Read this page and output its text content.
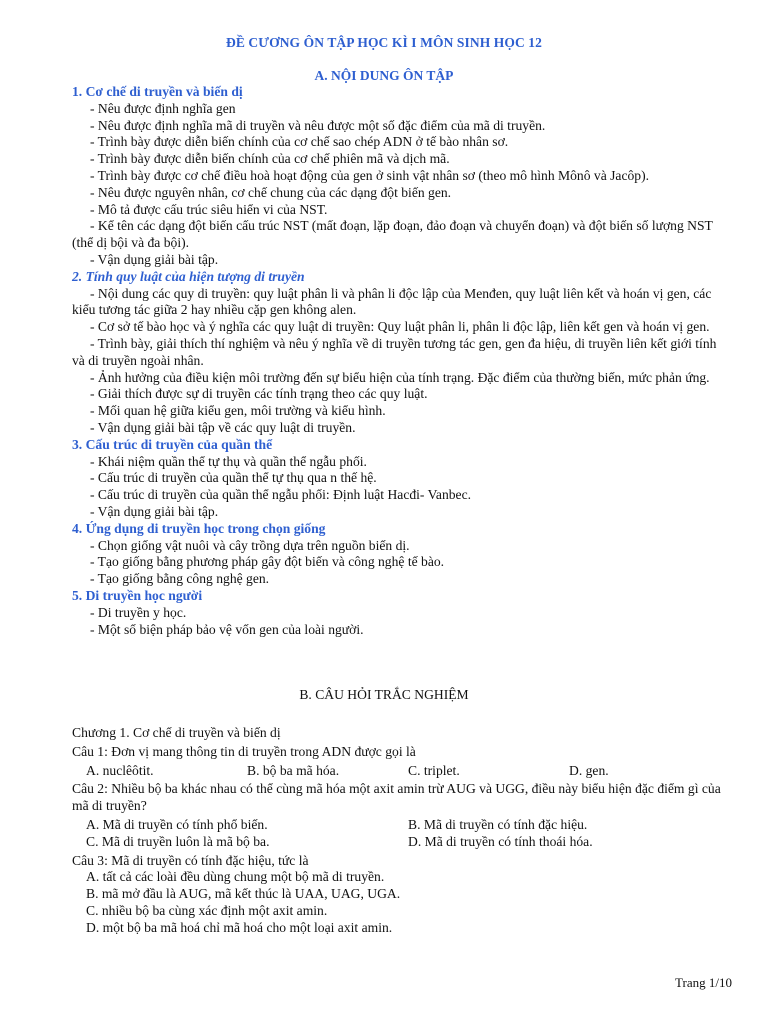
ĐỀ CƯƠNG ÔN TẬP HỌC KÌ I MÔN SINH HỌC 12
A. NỘI DUNG ÔN TẬP
1. Cơ chế di truyền và biến dị
- Nêu được định nghĩa gen
- Nêu được định nghĩa mã di truyền và nêu được một số đặc điểm của mã di truyền.
- Trình bày được diễn biến chính của cơ chế sao chép ADN ở tế bào nhân sơ.
- Trình bày được diễn biến chính của cơ chế phiên mã và dịch mã.
- Trình bày được cơ chế điều hoà hoạt động của gen ở sinh vật nhân sơ (theo mô hình Mônô và Jacôp).
- Nêu được nguyên nhân, cơ chế chung của các dạng đột biến gen.
- Mô tả được cấu trúc siêu hiển vi của NST.
- Kể tên các dạng đột biến cấu trúc NST (mất đoạn, lặp đoạn, đảo đoạn và chuyển đoạn) và đột biến số lượng NST (thể dị bội và đa bội).
- Vận dụng giải bài tập.
2. Tính quy luật của hiện tượng di truyền
- Nội dung các quy di truyền: quy luật phân li và phân li độc lập của Menđen, quy luật liên kết và hoán vị gen, các kiểu tương tác giữa 2 hay nhiều cặp gen không alen.
- Cơ sở tế bào học và ý nghĩa các quy luật di truyền: Quy luật phân li, phân li độc lập, liên kết gen và hoán vị gen.
- Trình bày, giải thích thí nghiệm và nêu ý nghĩa về di truyền tương tác gen, gen đa hiệu, di truyền liên kết giới tính và di truyền ngoài nhân.
- Ảnh hưởng của điều kiện môi trường đến sự biểu hiện của tính trạng. Đặc điểm của thường biến, mức phản ứng.
- Giải thích được sự di truyền các tính trạng theo các quy luật.
- Mối quan hệ giữa kiểu gen, môi trường và kiểu hình.
- Vận dụng giải bài tập về các quy luật di truyền.
3. Cấu trúc di truyền của quần thể
- Khái niệm quần thể tự thụ và quần thể ngẫu phối.
- Cấu trúc di truyền của quần thể tự thụ qua n thế hệ.
- Cấu trúc di truyền của quần thể ngẫu phối: Định luật Hacđi- Vanbec.
- Vận dụng giải bài tập.
4. Ứng dụng di truyền học trong chọn giống
- Chọn giống vật nuôi và cây trồng dựa trên nguồn biến dị.
- Tạo giống bằng phương pháp gây đột biến và công nghệ tế bào.
- Tạo giống bằng công nghệ gen.
5. Di truyền học người
- Di truyền y học.
- Một số biện pháp bảo vệ vốn gen của loài người.
B. CÂU HỎI TRẮC NGHIỆM
Chương 1. Cơ chế di truyền và biến dị
Câu 1: Đơn vị mang thông tin di truyền trong ADN được gọi là
A. nuclêôtit.	B. bộ ba mã hóa.	C. triplet.	D. gen.
Câu 2: Nhiều bộ ba khác nhau có thể cùng mã hóa một axit amin trừ AUG và UGG, điều này biểu hiện đặc điểm gì của mã di truyền?
A. Mã di truyền có tính phổ biến.	B. Mã di truyền có tính đặc hiệu.
C. Mã di truyền luôn là mã bộ ba.	D. Mã di truyền có tính thoái hóa.
Câu 3: Mã di truyền có tính đặc hiệu, tức là
A. tất cả các loài đều dùng chung một bộ mã di truyền.
B. mã mở đầu là AUG, mã kết thúc là UAA, UAG, UGA.
C. nhiều bộ ba cùng xác định một axit amin.
D. một bộ ba mã hoá chỉ mã hoá cho một loại axit amin.
Trang 1/10
